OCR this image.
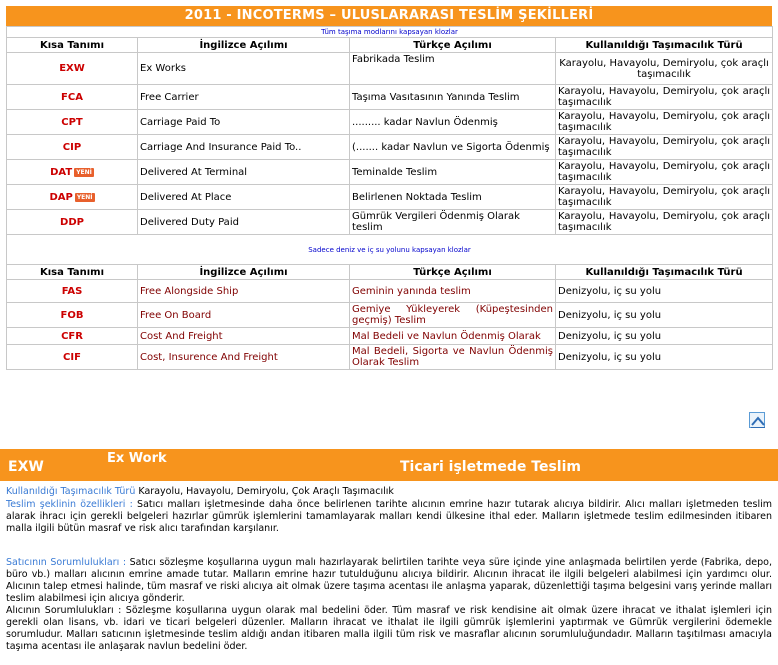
2011 - INCOTERMS – ULUSLARARASI TESLİM ŞEKİLLERİ
Tüm taşıma modlarını kapsayan klozlar			
Kısa Tanımı	İngilizce Açılımı	Türkçe Açılımı	Kullanıldığı Taşımacılık Türü
EXW	Ex Works	Fabrikada Teslim	Karayolu, Havayolu, Demiryolu, çok araçlı taşımacılık
FCA	Free Carrier	Taşıma Vasıtasının Yanında Teslim	Karayolu, Havayolu, Demiryolu, çok araçlı taşımacılık
CPT	Carriage Paid To	......... kadar Navlun Ödenmiş	Karayolu, Havayolu, Demiryolu, çok araçlı taşımacılık
CIP	Carriage And Insurance Paid To..	(....... kadar Navlun ve Sigorta Ödenmiş	Karayolu, Havayolu, Demiryolu, çok araçlı taşımacılık
DAT YENİ	Delivered At Terminal	Teminalde Teslim	Karayolu, Havayolu, Demiryolu, çok araçlı taşımacılık
DAP YENİ	Delivered At Place	Belirlenen Noktada Teslim	Karayolu, Havayolu, Demiryolu, çok araçlı taşımacılık
DDP	Delivered Duty Paid	Gümrük Vergileri Ödenmiş Olarak teslim	Karayolu, Havayolu, Demiryolu, çok araçlı taşımacılık
Sadece deniz ve iç su yolunu kapsayan klozlar			
Kısa Tanımı	İngilizce Açılımı	Türkçe Açılımı	Kullanıldığı Taşımacılık Türü
FAS	Free Alongside Ship	Geminin yanında teslim	Denizyolu, iç su yolu
FOB	Free On Board	Gemiye Yükleyerek (Küpeştesinden geçmiş) Teslim	Denizyolu, iç su yolu
CFR	Cost And Freight	Mal Bedeli ve Navlun Ödenmiş Olarak	Denizyolu, iç su yolu
CIF	Cost, Insurence And Freight	Mal Bedeli, Sigorta ve Navlun Ödenmiş Olarak Teslim	Denizyolu, iç su yolu
EXW
Ex Work
Ticari işletmede Teslim
Kullanıldığı Taşımacılık Türü Karayolu, Havayolu, Demiryolu, Çok Araçlı Taşımacılık
Teslim şeklinin özellikleri : Satıcı malları işletmesinde daha önce belirlenen tarihte alıcının emrine hazır tutarak alıcıya bildirir. Alıcı malları işletmeden teslim alarak ihracı için gerekli belgeleri hazırlar gümrük işlemlerini tamamlayarak malları kendi ülkesine ithal eder. Malların işletmede teslim edilmesinden itibaren malla ilgili bütün masraf ve risk alıcı tarafından karşılanır.
Satıcının Sorumlulukları : Satıcı sözleşme koşullarına uygun malı hazırlayarak belirtilen tarihte veya süre içinde yine anlaşmada belirtilen yerde (Fabrika, depo, büro vb.) malları alıcının emrine amade tutar. Malların emrine hazır tutulduğunu alıcıya bildirir. Alıcının ihracat ile ilgili belgeleri alabilmesi için yardımcı olur. Alıcının talep etmesi halinde, tüm masraf ve riski alıcıya ait olmak üzere taşıma acentası ile anlaşma yaparak, düzenlettiği taşıma belgesini varış yerinde malları teslim alabilmesi için alıcıya gönderir.
Alıcının Sorumlulukları : Sözleşme koşullarına uygun olarak mal bedelini öder. Tüm masraf ve risk kendisine ait olmak üzere ihracat ve ithalat işlemleri için gerekli olan lisans, vb. idari ve ticari belgeleri düzenler. Malların ihracat ve ithalat ile ilgili gümrük işlemlerini yaptırmak ve Gümrük vergilerini ödemekle sorumludur. Malları satıcının işletmesinde teslim aldığı andan itibaren malla ilgili tüm risk ve masraflar alıcının sorumluluğundadır. Malların taşıtılması amacıyla taşıma acentası ile anlaşarak navlun bedelini öder.
